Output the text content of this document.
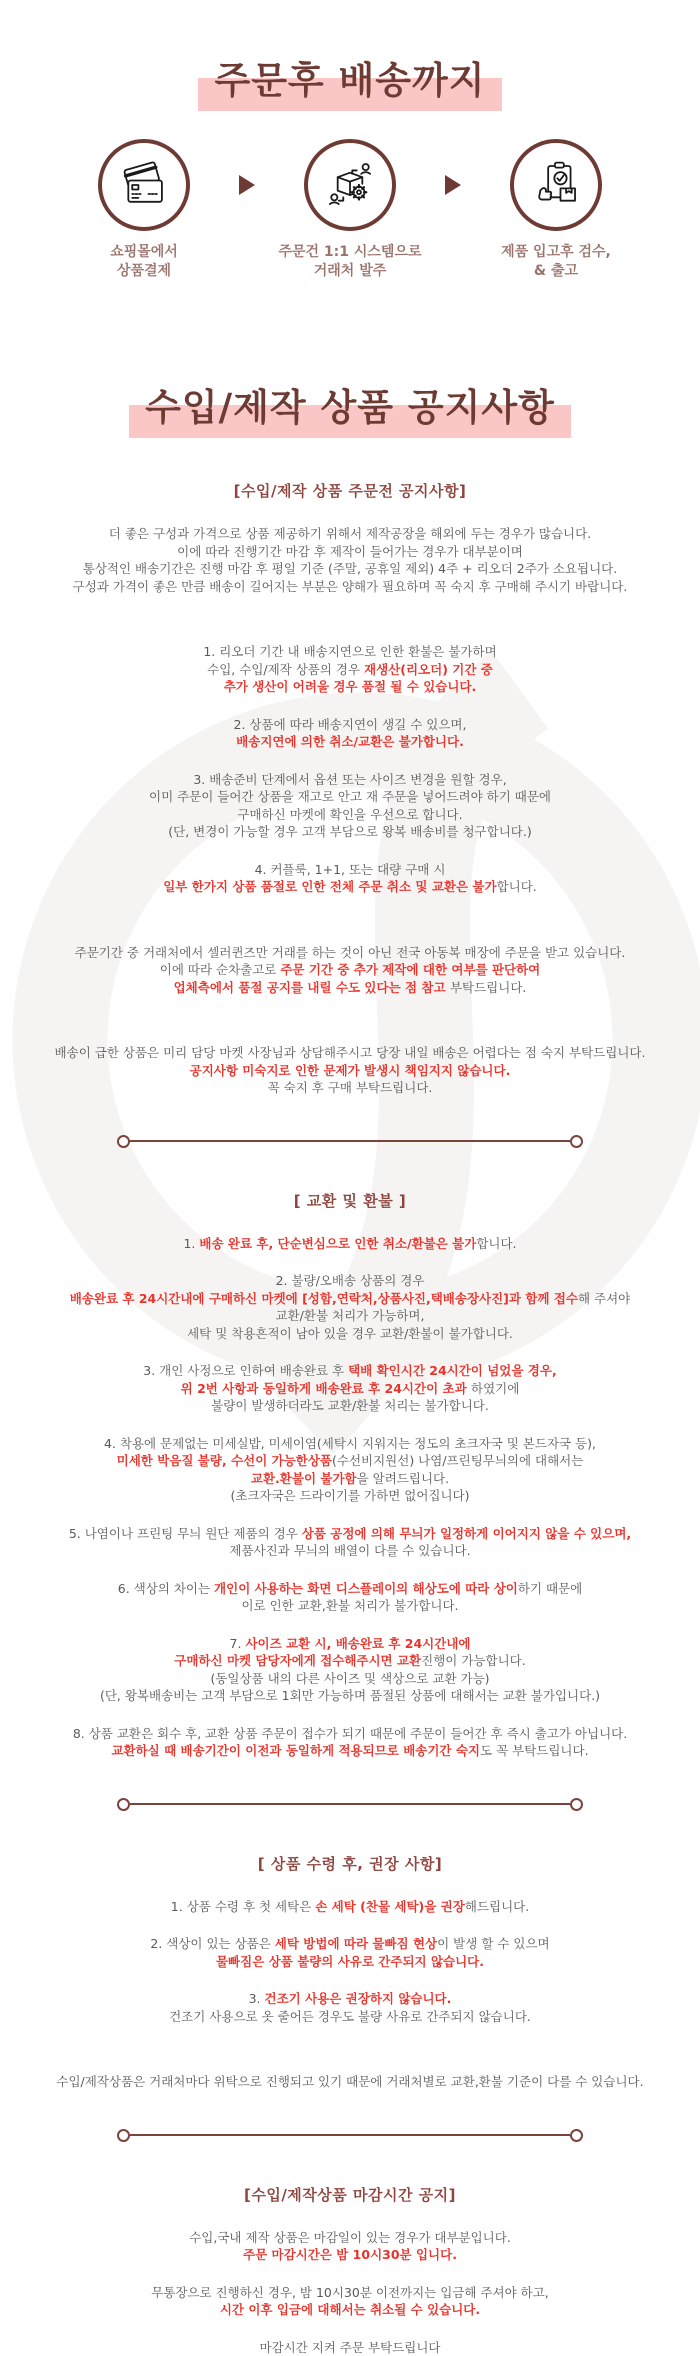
주문후 배송까지
쇼핑몰에서
상품결제
주문건 1:1 시스템으로
거래처 발주
제품 입고후 검수,
& 출고
수입/제작 상품 공지사항
[수입/제작 상품 주문전 공지사항]

더 좋은 구성과 가격으로 상품 제공하기 위해서 제작공장을 해외에 두는 경우가 많습니다.

이에 따라 진행기간 마감 후 제작이 들어가는 경우가 대부분이며

통상적인 배송기간은 진행 마감 후 평일 기준 (주말, 공휴일 제외) 4주 + 리오더 2주가 소요됩니다.

구성과 가격이 좋은 만큼 배송이 길어지는 부분은 양해가 필요하며 꼭 숙지 후 구매해 주시기 바랍니다.

1. 리오더 기간 내 배송지연으로 인한 환불은 불가하며

수입, 수입/제작 상품의 경우 재생산(리오더) 기간 중

추가 생산이 어려울 경우 품절 될 수 있습니다.

2. 상품에 따라 배송지연이 생길 수 있으며,

배송지연에 의한 취소/교환은 불가합니다.

3. 배송준비 단계에서 옵션 또는 사이즈 변경을 원할 경우,

이미 주문이 들어간 상품을 재고로 안고 재 주문을 넣어드려야 하기 때문에

구매하신 마켓에 확인을 우선으로 합니다.

(단, 변경이 가능할 경우 고객 부담으로 왕복 배송비를 청구합니다.)

4. 커플룩, 1+1, 또는 대량 구매 시

일부 한가지 상품 품절로 인한 전체 주문 취소 및 교환은 불가합니다.

주문기간 중 거래처에서 셀러퀸즈만 거래를 하는 것이 아닌 전국 아동복 매장에 주문을 받고 있습니다.

이에 따라 순차출고로 주문 기간 중 추가 제작에 대한 여부를 판단하여

업체측에서 품절 공지를 내릴 수도 있다는 점 참고 부탁드립니다.

배송이 급한 상품은 미리 담당 마켓 사장님과 상담해주시고 당장 내일 배송은 어렵다는 점 숙지 부탁드립니다.

공지사항 미숙지로 인한 문제가 발생시 책임지지 않습니다.

꼭 숙지 후 구매 부탁드립니다.

[ 교환 및 환불 ]

1. 배송 완료 후, 단순변심으로 인한 취소/환불은 불가합니다.

2. 불량/오배송 상품의 경우

배송완료 후 24시간내에 구매하신 마켓에 [성함,연락처,상품사진,택배송장사진]과 함께 접수해 주셔야

교환/환불 처리가 가능하며,

세탁 및 착용흔적이 남아 있을 경우 교환/환불이 불가합니다.

3. 개인 사정으로 인하여 배송완료 후 택배 확인시간 24시간이 넘었을 경우,

위 2번 사항과 동일하게 배송완료 후 24시간이 초과 하였기에

불량이 발생하더라도 교환/환불 처리는 불가합니다.

4. 착용에 문제없는 미세실밥, 미세이염(세탁시 지워지는 정도의 초크자국 및 본드자국 등),

미세한 박음질 불량, 수선이 가능한상품(수선비지원선) 나염/프린팅무늬의에 대해서는

교환.환불이 불가함을 알려드립니다.

(초크자국은 드라이기를 가하면 없어집니다)

5. 나염이나 프린팅 무늬 원단 제품의 경우 상품 공정에 의해 무늬가 일정하게 이어지지 않을 수 있으며,

제품사진과 무늬의 배열이 다를 수 있습니다.

6. 색상의 차이는 개인이 사용하는 화면 디스플레이의 해상도에 따라 상이하기 때문에

이로 인한 교환,환불 처리가 불가합니다.

7. 사이즈 교환 시, 배송완료 후 24시간내에

구매하신 마켓 담당자에게 접수해주시면 교환진행이 가능합니다.

(동일상품 내의 다른 사이즈 및 색상으로 교환 가능)

(단, 왕복배송비는 고객 부담으로 1회만 가능하며 품절된 상품에 대해서는 교환 불가입니다.)

8. 상품 교환은 회수 후, 교환 상품 주문이 접수가 되기 때문에 주문이 들어간 후 즉시 출고가 아닙니다.

교환하실 때 배송기간이 이전과 동일하게 적용되므로 배송기간 숙지도 꼭 부탁드립니다.

[ 상품 수령 후, 권장 사항]

1. 상품 수령 후 첫 세탁은 손 세탁 (찬물 세탁)을 권장해드립니다.

2. 색상이 있는 상품은 세탁 방법에 따라 물빠짐 현상이 발생 할 수 있으며

물빠짐은 상품 불량의 사유로 간주되지 않습니다.

3. 건조기 사용은 권장하지 않습니다.

건조기 사용으로 옷 줄어든 경우도 불량 사유로 간주되지 않습니다.

수입/제작상품은 거래처마다 위탁으로 진행되고 있기 때문에 거래처별로 교환,환불 기준이 다를 수 있습니다.

[수입/제작상품 마감시간 공지]

수입,국내 제작 상품은 마감일이 있는 경우가 대부분입니다.

주문 마감시간은 밤 10시30분 입니다.

무통장으로 진행하신 경우, 밤 10시30분 이전까지는 입금해 주셔야 하고,

시간 이후 입금에 대해서는 취소될 수 있습니다.

마감시간 지켜 주문 부탁드립니다
